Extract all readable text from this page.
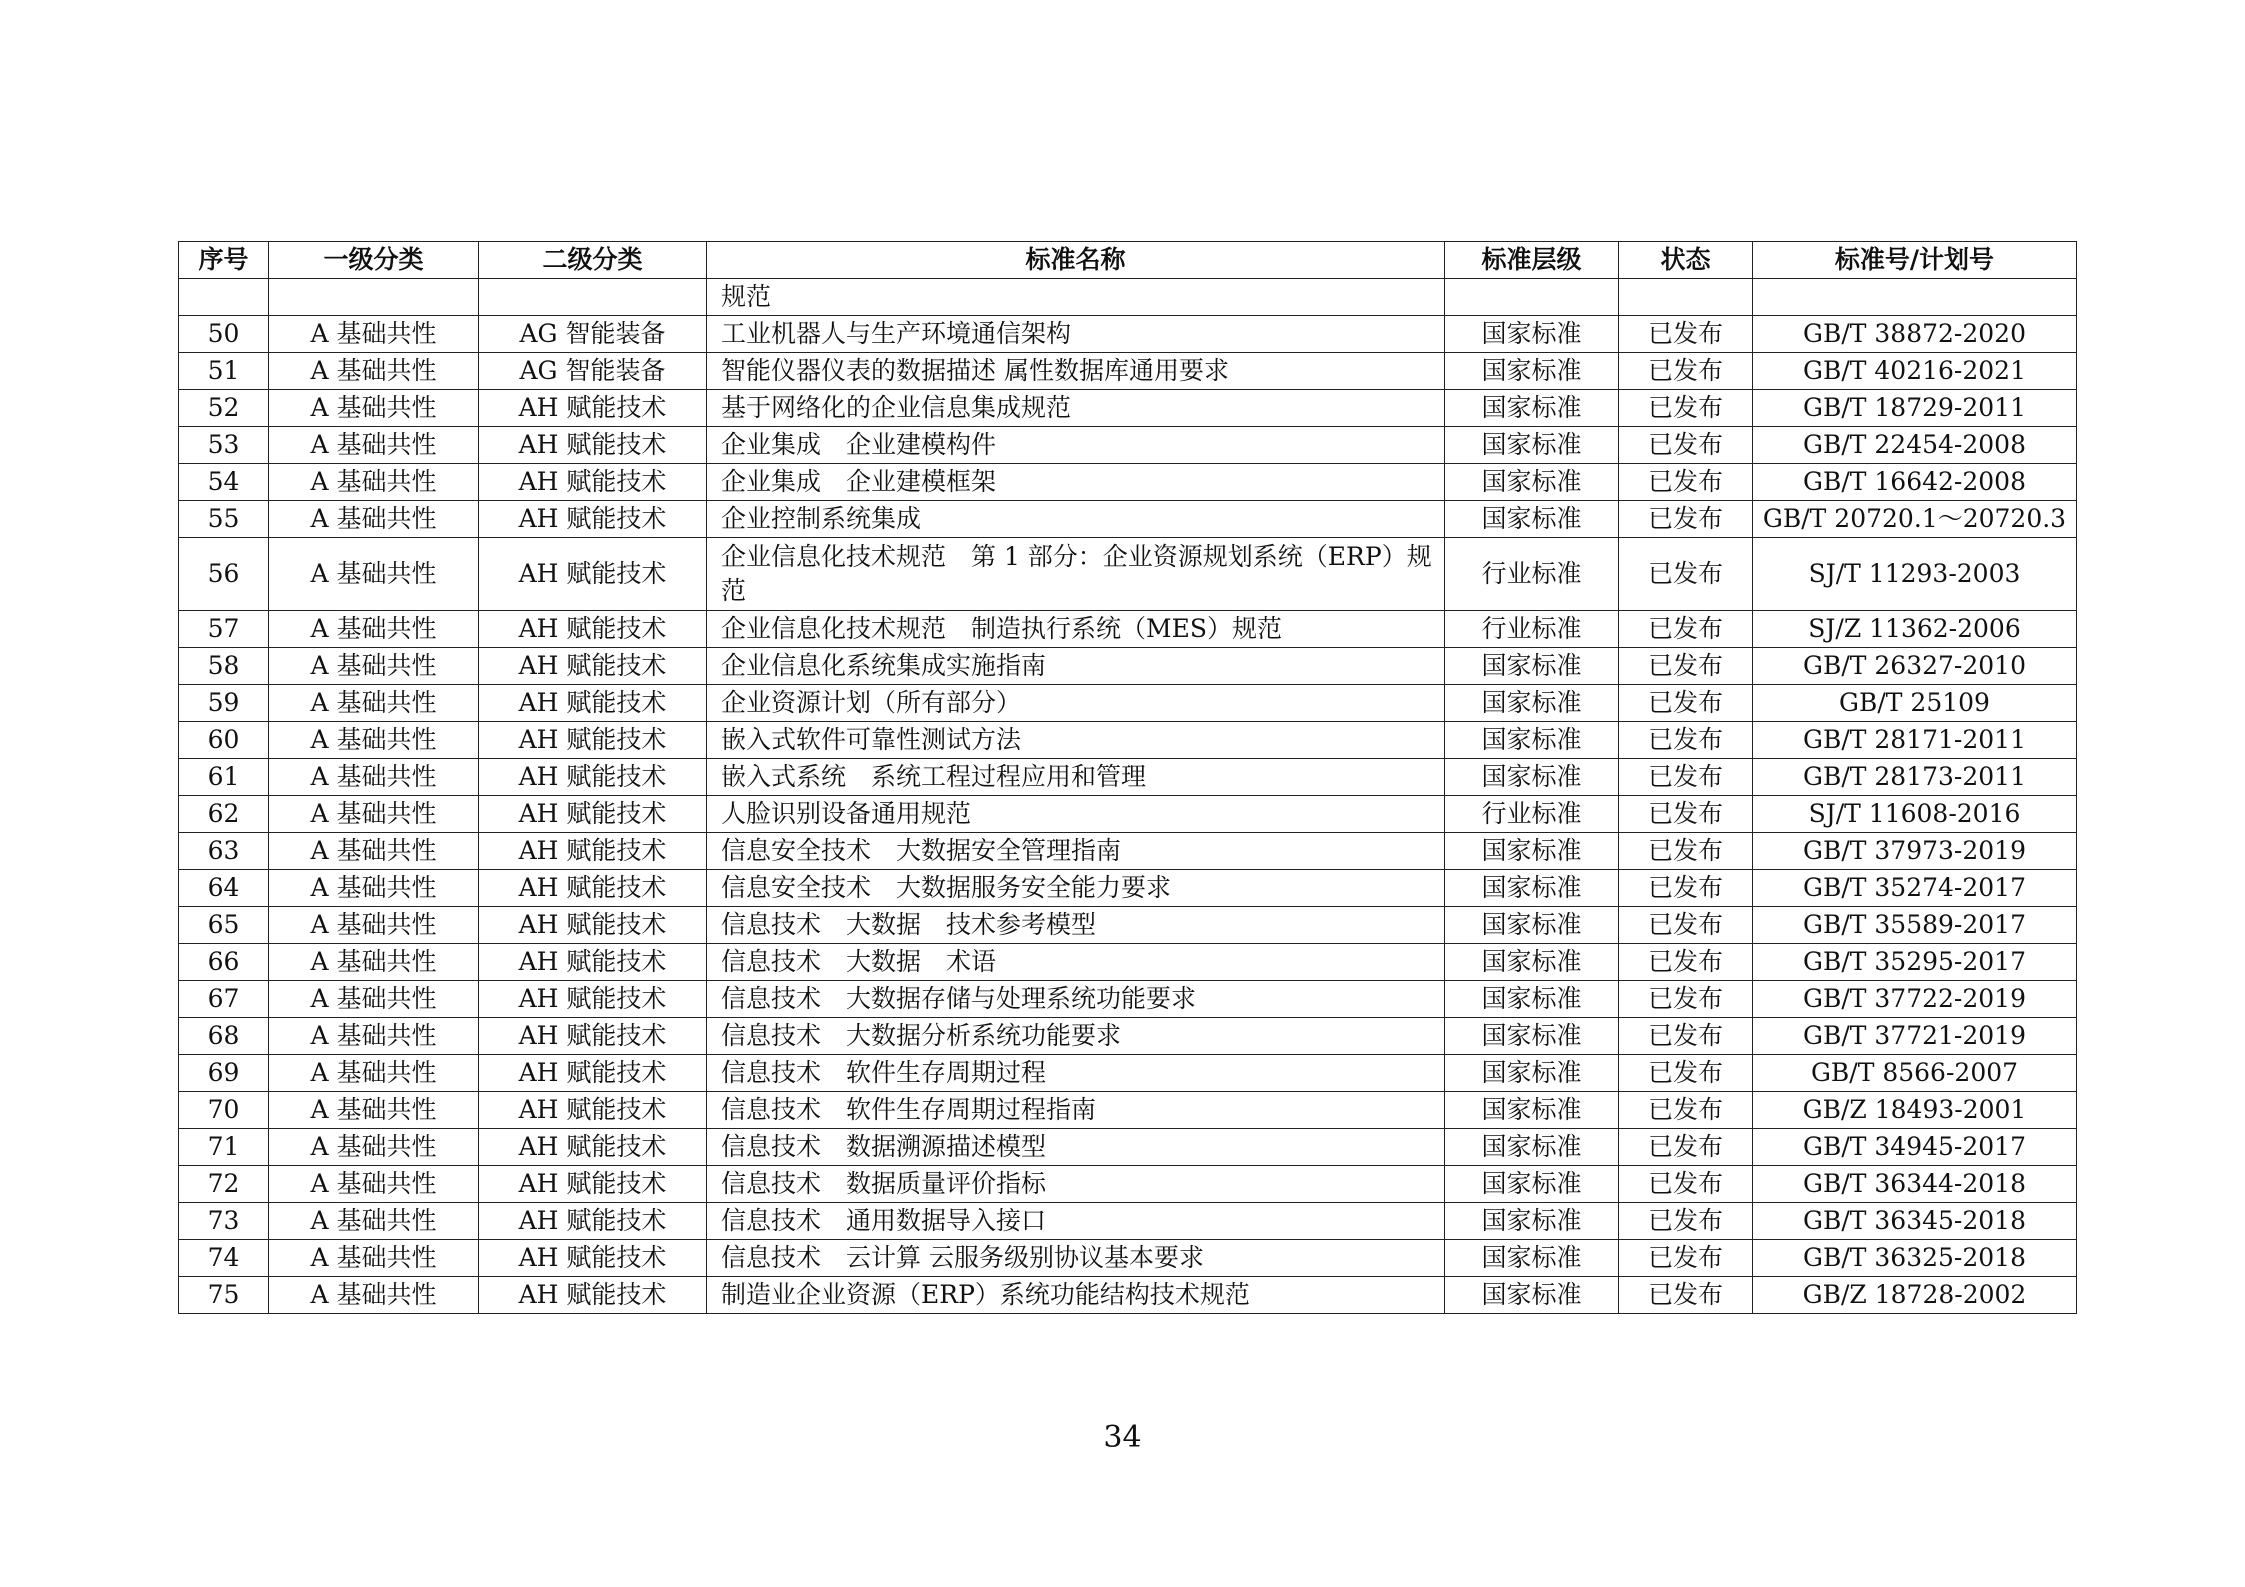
序号	一级分类	二级分类	标准名称	标准层级	状态	标准号/计划号
			规范			
50	A 基础共性	AG 智能装备	工业机器人与生产环境通信架构	国家标准	已发布	GB/T 38872-2020
51	A 基础共性	AG 智能装备	智能仪器仪表的数据描述 属性数据库通用要求	国家标准	已发布	GB/T 40216-2021
52	A 基础共性	AH 赋能技术	基于网络化的企业信息集成规范	国家标准	已发布	GB/T 18729-2011
53	A 基础共性	AH 赋能技术	企业集成　企业建模构件	国家标准	已发布	GB/T 22454-2008
54	A 基础共性	AH 赋能技术	企业集成　企业建模框架	国家标准	已发布	GB/T 16642-2008
55	A 基础共性	AH 赋能技术	企业控制系统集成	国家标准	已发布	GB/T 20720.1～20720.3
56	A 基础共性	AH 赋能技术	企业信息化技术规范　第 1 部分：企业资源规划系统（ERP）规范	行业标准	已发布	SJ/T 11293-2003
57	A 基础共性	AH 赋能技术	企业信息化技术规范　制造执行系统（MES）规范	行业标准	已发布	SJ/Z 11362-2006
58	A 基础共性	AH 赋能技术	企业信息化系统集成实施指南	国家标准	已发布	GB/T 26327-2010
59	A 基础共性	AH 赋能技术	企业资源计划（所有部分）	国家标准	已发布	GB/T 25109
60	A 基础共性	AH 赋能技术	嵌入式软件可靠性测试方法	国家标准	已发布	GB/T 28171-2011
61	A 基础共性	AH 赋能技术	嵌入式系统　系统工程过程应用和管理	国家标准	已发布	GB/T 28173-2011
62	A 基础共性	AH 赋能技术	人脸识别设备通用规范	行业标准	已发布	SJ/T 11608-2016
63	A 基础共性	AH 赋能技术	信息安全技术　大数据安全管理指南	国家标准	已发布	GB/T 37973-2019
64	A 基础共性	AH 赋能技术	信息安全技术　大数据服务安全能力要求	国家标准	已发布	GB/T 35274-2017
65	A 基础共性	AH 赋能技术	信息技术　大数据　技术参考模型	国家标准	已发布	GB/T 35589-2017
66	A 基础共性	AH 赋能技术	信息技术　大数据　术语	国家标准	已发布	GB/T 35295-2017
67	A 基础共性	AH 赋能技术	信息技术　大数据存储与处理系统功能要求	国家标准	已发布	GB/T 37722-2019
68	A 基础共性	AH 赋能技术	信息技术　大数据分析系统功能要求	国家标准	已发布	GB/T 37721-2019
69	A 基础共性	AH 赋能技术	信息技术　软件生存周期过程	国家标准	已发布	GB/T 8566-2007
70	A 基础共性	AH 赋能技术	信息技术　软件生存周期过程指南	国家标准	已发布	GB/Z 18493-2001
71	A 基础共性	AH 赋能技术	信息技术　数据溯源描述模型	国家标准	已发布	GB/T 34945-2017
72	A 基础共性	AH 赋能技术	信息技术　数据质量评价指标	国家标准	已发布	GB/T 36344-2018
73	A 基础共性	AH 赋能技术	信息技术　通用数据导入接口	国家标准	已发布	GB/T 36345-2018
74	A 基础共性	AH 赋能技术	信息技术　云计算 云服务级别协议基本要求	国家标准	已发布	GB/T 36325-2018
75	A 基础共性	AH 赋能技术	制造业企业资源（ERP）系统功能结构技术规范	国家标准	已发布	GB/Z 18728-2002
34
